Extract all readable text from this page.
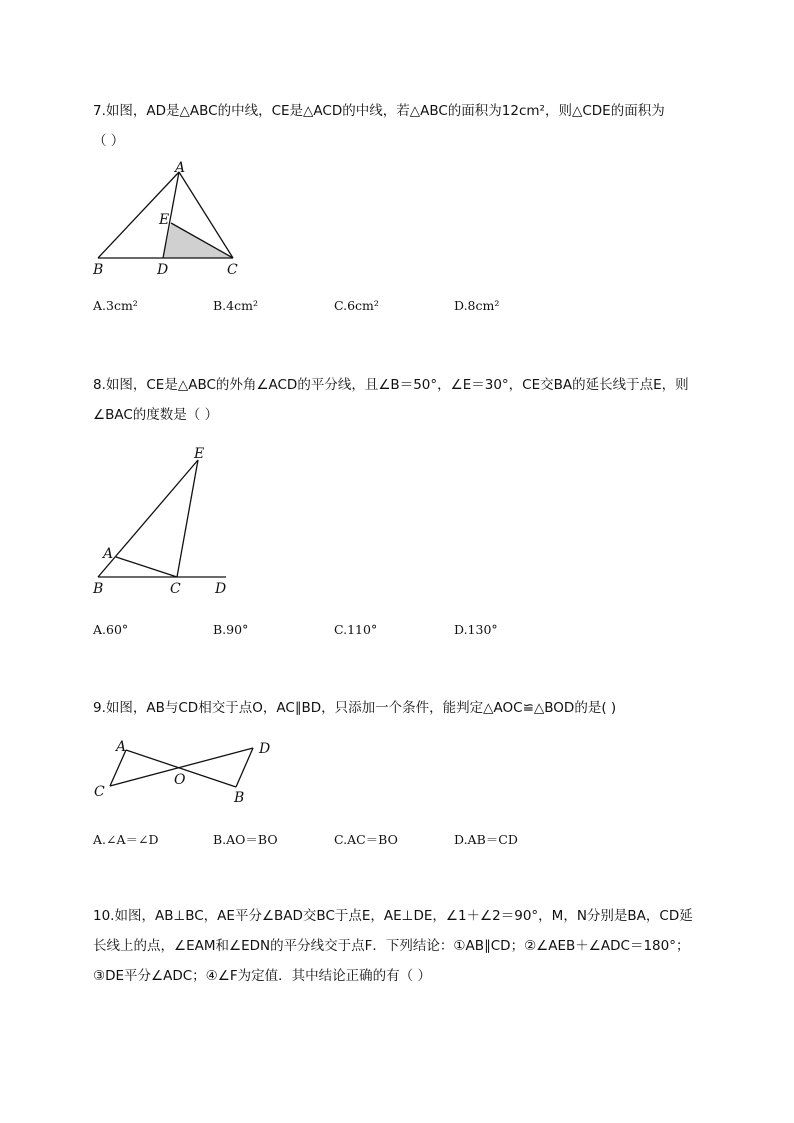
7.如图，AD是△ABC的中线，CE是△ACD的中线，若△ABC的面积为12cm²，则△CDE的面积为
（ ）
A
E
B	D	C
A.3cm²	B.4cm²	C.6cm²	D.8cm²
8.如图，CE是△ABC的外角∠ACD的平分线，且∠B＝50°，∠E＝30°，CE交BA的延长线于点E，则
∠BAC的度数是（ ）
E
A
B	C D
A.60°	B.90°	C.110°	D.130°
9.如图，AB与CD相交于点O，AC∥BD，只添加一个条件，能判定△AOC≌△BOD的是( )
A	D
O
C	B
A.∠A＝∠D	B.AO＝BO	C.AC＝BO	D.AB＝CD
10.如图，AB⊥BC，AE平分∠BAD交BC于点E，AE⊥DE，∠1＋∠2＝90°，M，N分别是BA，CD延
长线上的点，∠EAM和∠EDN的平分线交于点F．下列结论：①AB∥CD；②∠AEB＋∠ADC＝180°；
③DE平分∠ADC；④∠F为定值．其中结论正确的有（ ）
